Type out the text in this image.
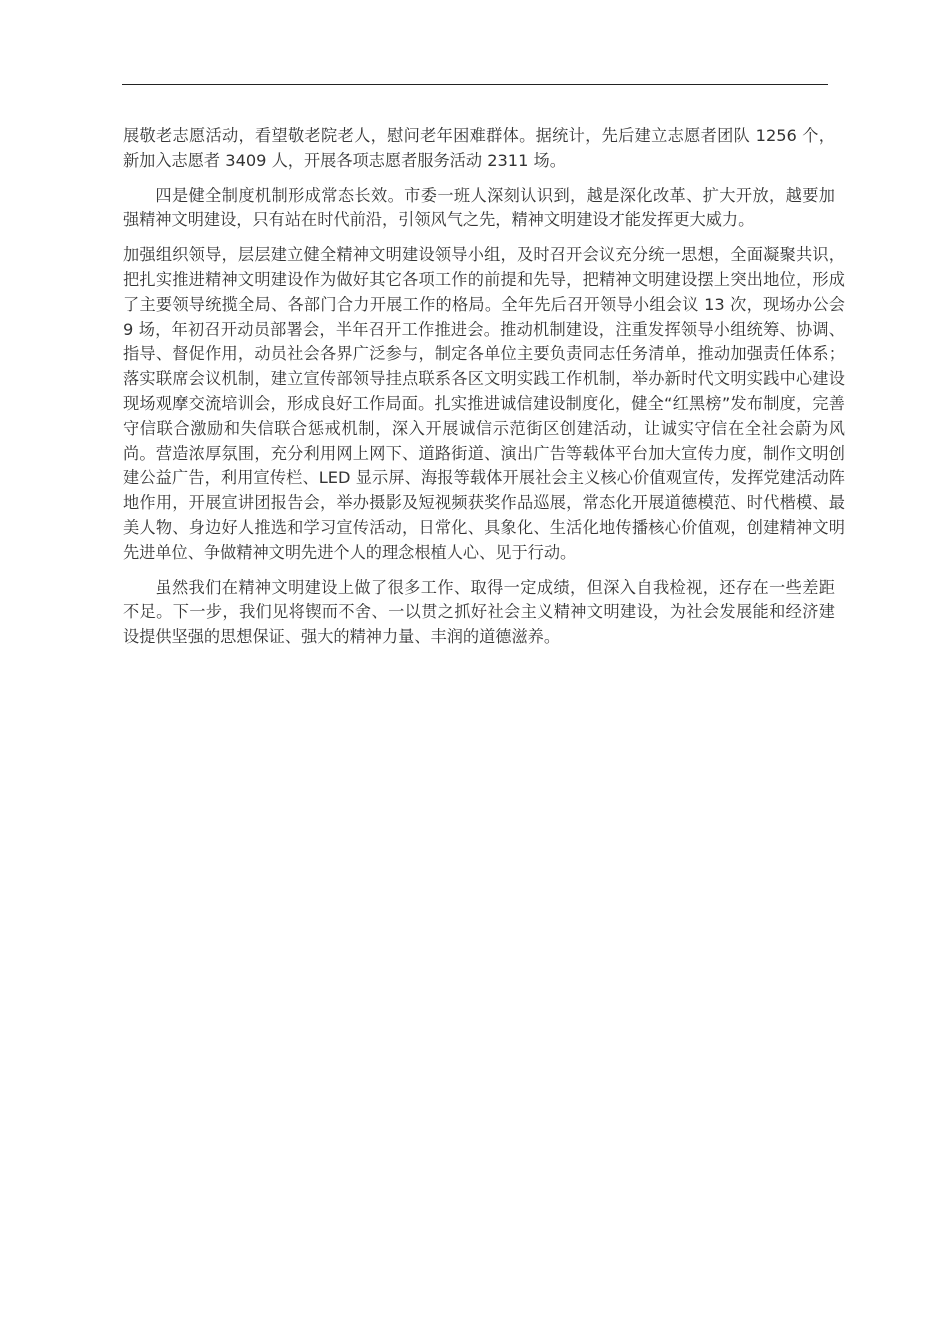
展敬老志愿活动，看望敬老院老人，慰问老年困难群体。据统计，先后建立志愿者团队 1256 个，新加入志愿者 3409 人，开展各项志愿者服务活动 2311 场。

四是健全制度机制形成常态长效。市委一班人深刻认识到，越是深化改革、扩大开放，越要加强精神文明建设，只有站在时代前沿，引领风气之先，精神文明建设才能发挥更大威力。

加强组织领导，层层建立健全精神文明建设领导小组，及时召开会议充分统一思想，全面凝聚共识，把扎实推进精神文明建设作为做好其它各项工作的前提和先导，把精神文明建设摆上突出地位，形成了主要领导统揽全局、各部门合力开展工作的格局。全年先后召开领导小组会议 13 次，现场办公会 9 场，年初召开动员部署会，半年召开工作推进会。推动机制建设，注重发挥领导小组统筹、协调、指导、督促作用，动员社会各界广泛参与，制定各单位主要负责同志任务清单，推动加强责任体系；落实联席会议机制，建立宣传部领导挂点联系各区文明实践工作机制，举办新时代文明实践中心建设现场观摩交流培训会，形成良好工作局面。扎实推进诚信建设制度化，健全“红黑榜”发布制度，完善守信联合激励和失信联合惩戒机制，深入开展诚信示范街区创建活动，让诚实守信在全社会蔚为风尚。营造浓厚氛围，充分利用网上网下、道路街道、演出广告等载体平台加大宣传力度，制作文明创建公益广告，利用宣传栏、LED 显示屏、海报等载体开展社会主义核心价值观宣传，发挥党建活动阵地作用，开展宣讲团报告会，举办摄影及短视频获奖作品巡展，常态化开展道德模范、时代楷模、最美人物、身边好人推选和学习宣传活动，日常化、具象化、生活化地传播核心价值观，创建精神文明先进单位、争做精神文明先进个人的理念根植人心、见于行动。

虽然我们在精神文明建设上做了很多工作、取得一定成绩，但深入自我检视，还存在一些差距不足。下一步，我们见将锲而不舍、一以贯之抓好社会主义精神文明建设，为社会发展能和经济建设提供坚强的思想保证、强大的精神力量、丰润的道德滋养。
